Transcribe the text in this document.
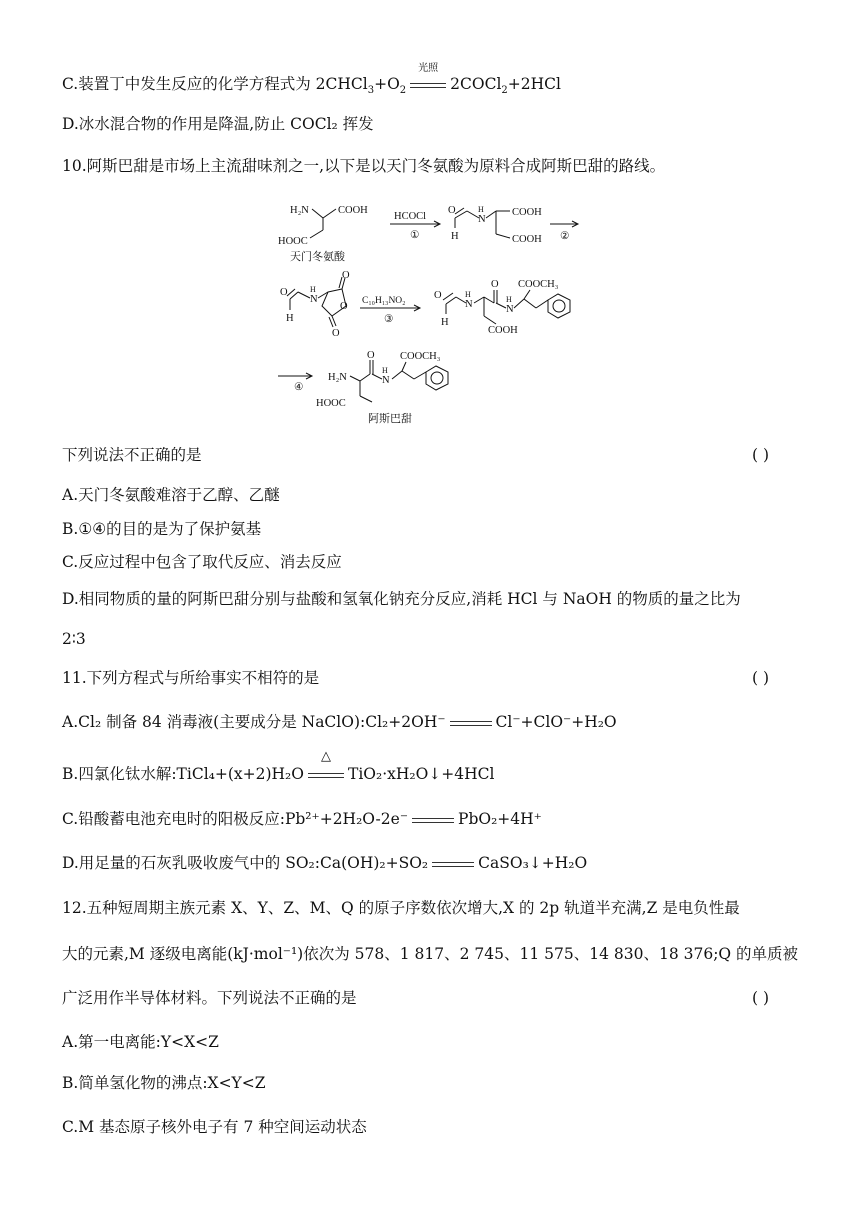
C.装置丁中发生反应的化学方程式为 $2CHCl_3+O_2$
光照
2COCl$_2$+2HCl
D.冰水混合物的作用是降温,防止 COCl₂ 挥发
10.阿斯巴甜是市场上主流甜味剂之一,以下是以天门冬氨酸为原料合成阿斯巴甜的路线。
H₂N	COOH
HOOC
天门冬氨酸
HCOCl
①
O
N
H
H
COOH
COOH ②
O
N
H
H
O
O
O
C₁₀H₁₃NO₂
③
O
N
H
H
O
N
H
COOCH₃
COOH
④
H₂N
O
N
H
COOCH₃
HOOC
阿斯巴甜
下列说法不正确的是	( )
A.天门冬氨酸难溶于乙醇、乙醚
B.①④的目的是为了保护氨基
C.反应过程中包含了取代反应、消去反应
D.相同物质的量的阿斯巴甜分别与盐酸和氢氧化钠充分反应,消耗 HCl 与 NaOH 的物质的量之比为
2∶3
11.下列方程式与所给事实不相符的是	( )
A.Cl₂ 制备 84 消毒液(主要成分是 NaClO):Cl₂+2OH⁻	Cl⁻+ClO⁻+H₂O
B.四氯化钛水解:TiCl₄+(x+2)H₂O
△
TiO₂·xH₂O↓+4HCl
C.铅酸蓄电池充电时的阳极反应:Pb²⁺+2H₂O-2e⁻	PbO₂+4H⁺
D.用足量的石灰乳吸收废气中的 SO₂:Ca(OH)₂+SO₂	CaSO₃↓+H₂O
12.五种短周期主族元素 X、Y、Z、M、Q 的原子序数依次增大,X 的 2p 轨道半充满,Z 是电负性最
大的元素,M 逐级电离能(kJ·mol⁻¹)依次为 578、1 817、2 745、11 575、14 830、18 376;Q 的单质被
广泛用作半导体材料。下列说法不正确的是	( )
A.第一电离能:Y<X<Z
B.简单氢化物的沸点:X<Y<Z
C.M 基态原子核外电子有 7 种空间运动状态
